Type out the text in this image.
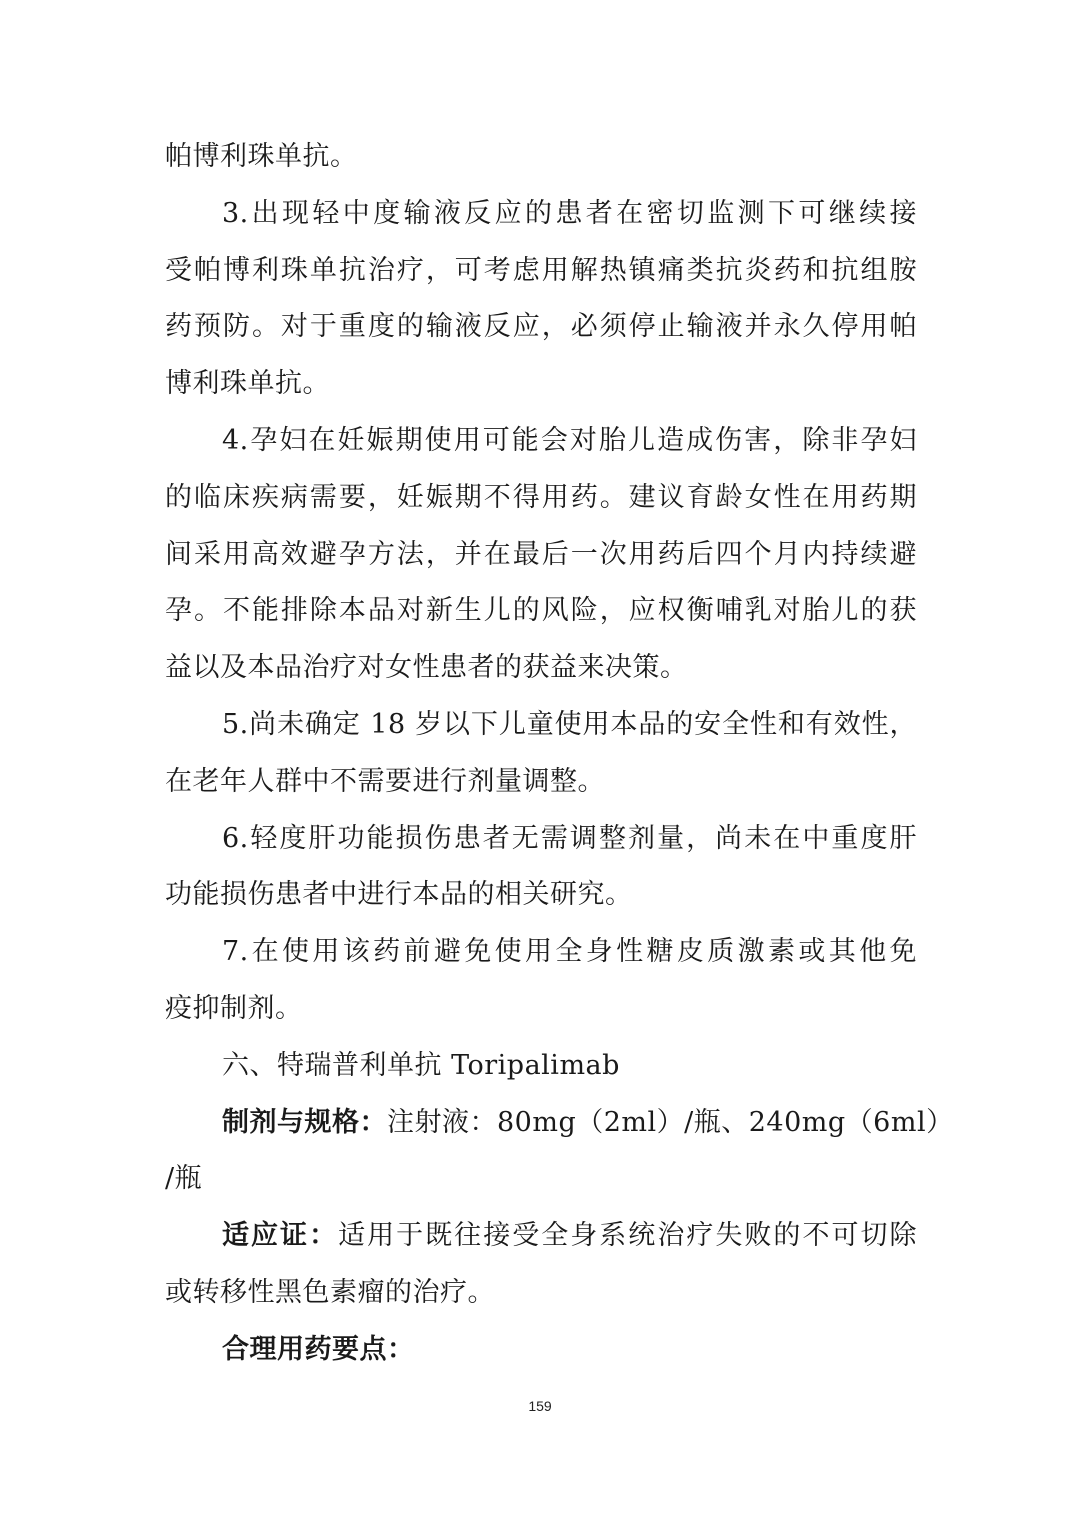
帕博利珠单抗。
3.出现轻中度输液反应的患者在密切监测下可继续接
受帕博利珠单抗治疗，可考虑用解热镇痛类抗炎药和抗组胺
药预防。对于重度的输液反应，必须停止输液并永久停用帕
博利珠单抗。
4.孕妇在妊娠期使用可能会对胎儿造成伤害，除非孕妇
的临床疾病需要，妊娠期不得用药。建议育龄女性在用药期
间采用高效避孕方法，并在最后一次用药后四个月内持续避
孕。不能排除本品对新生儿的风险，应权衡哺乳对胎儿的获
益以及本品治疗对女性患者的获益来决策。
5.尚未确定 18 岁以下儿童使用本品的安全性和有效性，
在老年人群中不需要进行剂量调整。
6.轻度肝功能损伤患者无需调整剂量，尚未在中重度肝
功能损伤患者中进行本品的相关研究。
7.在使用该药前避免使用全身性糖皮质激素或其他免
疫抑制剂。
六、特瑞普利单抗 Toripalimab
制剂与规格：注射液：80mg（2ml）/瓶、240mg（6ml）
/瓶
适应证：适用于既往接受全身系统治疗失败的不可切除
或转移性黑色素瘤的治疗。
合理用药要点：
159
